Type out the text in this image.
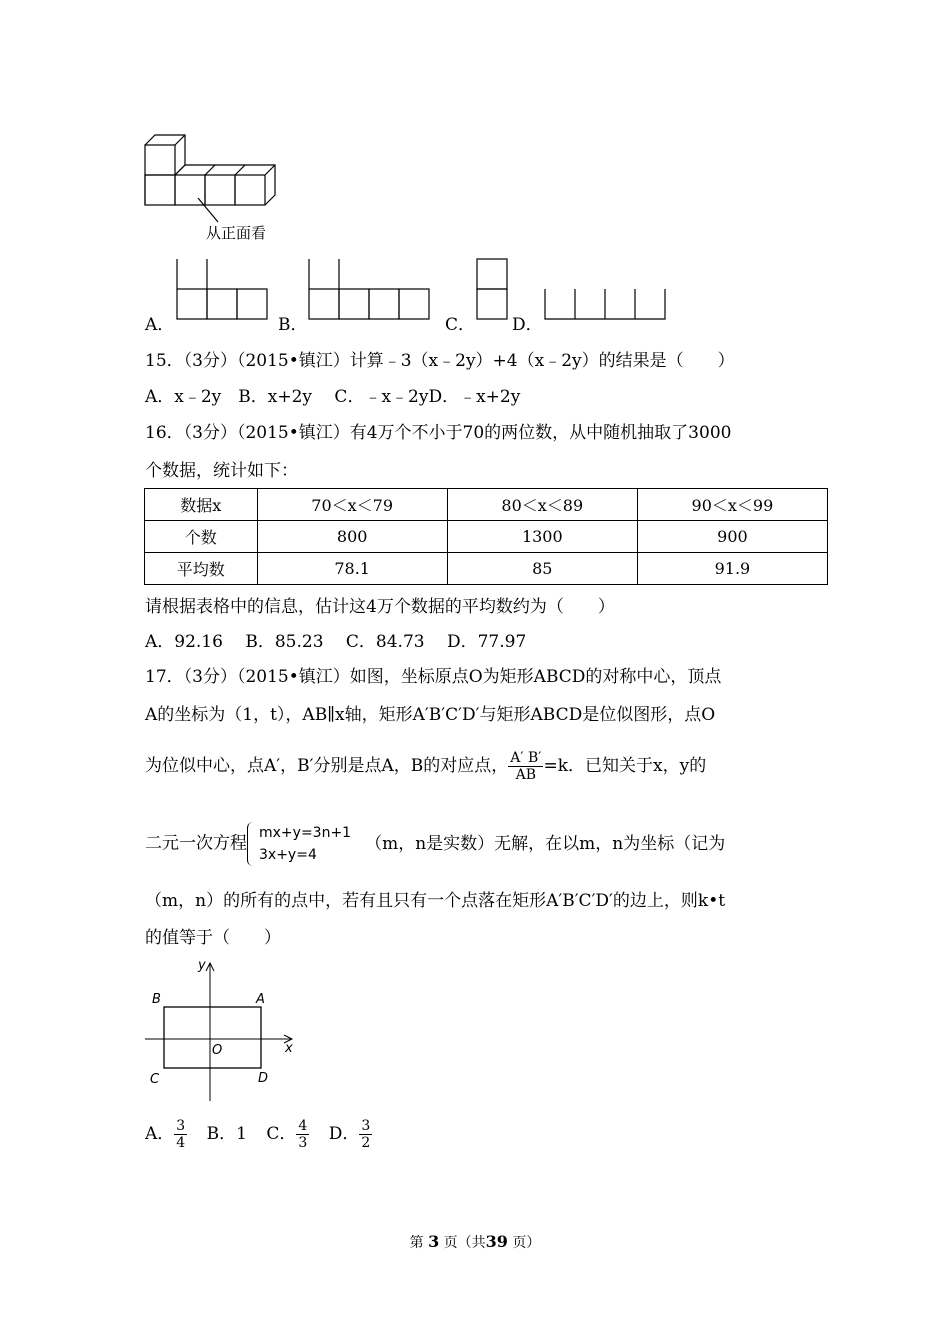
从正面看
A．	B．	C． D．
15．（3分）（2015•镇江）计算﹣3（x﹣2y）+4（x﹣2y）的结果是（　　）
A．x﹣2y　B．x+2y　 C．﹣x﹣2yD．﹣x+2y
16．（3分）（2015•镇江）有4万个不小于70的两位数，从中随机抽取了3000
个数据，统计如下：
数据x	70＜x＜79	80＜x＜89	90＜x＜99
个数	800	1300	900
平均数	78.1	85	91.9
请根据表格中的信息，估计这4万个数据的平均数约为（　　）
A．92.16　 B．85.23　 C．84.73　 D．77.97
17．（3分）（2015•镇江）如图，坐标原点O为矩形ABCD的对称中心，顶点
A的坐标为（1，t），AB∥x轴，矩形A′B′C′D′与矩形ABCD是位似图形，点O
为位似中心，点A′，B′分别是点A，B的对应点， $\frac{A' B'}{AB} =k$．已知关于x，y的
二元一次方程
mx+y=3n+1
3x+y=4
（m，n是实数）无解，在以m，n为坐标（记为
（m，n）的所有的点中，若有且只有一个点落在矩形A′B′C′D′的边上，则k•t
的值等于（　　）
y
x
A
B
C	D
O
A． $\frac{3}{4}$ B．1 C． $\frac{4}{3}$ D． $\frac{3}{2}$
第 3 页（共39 页）
